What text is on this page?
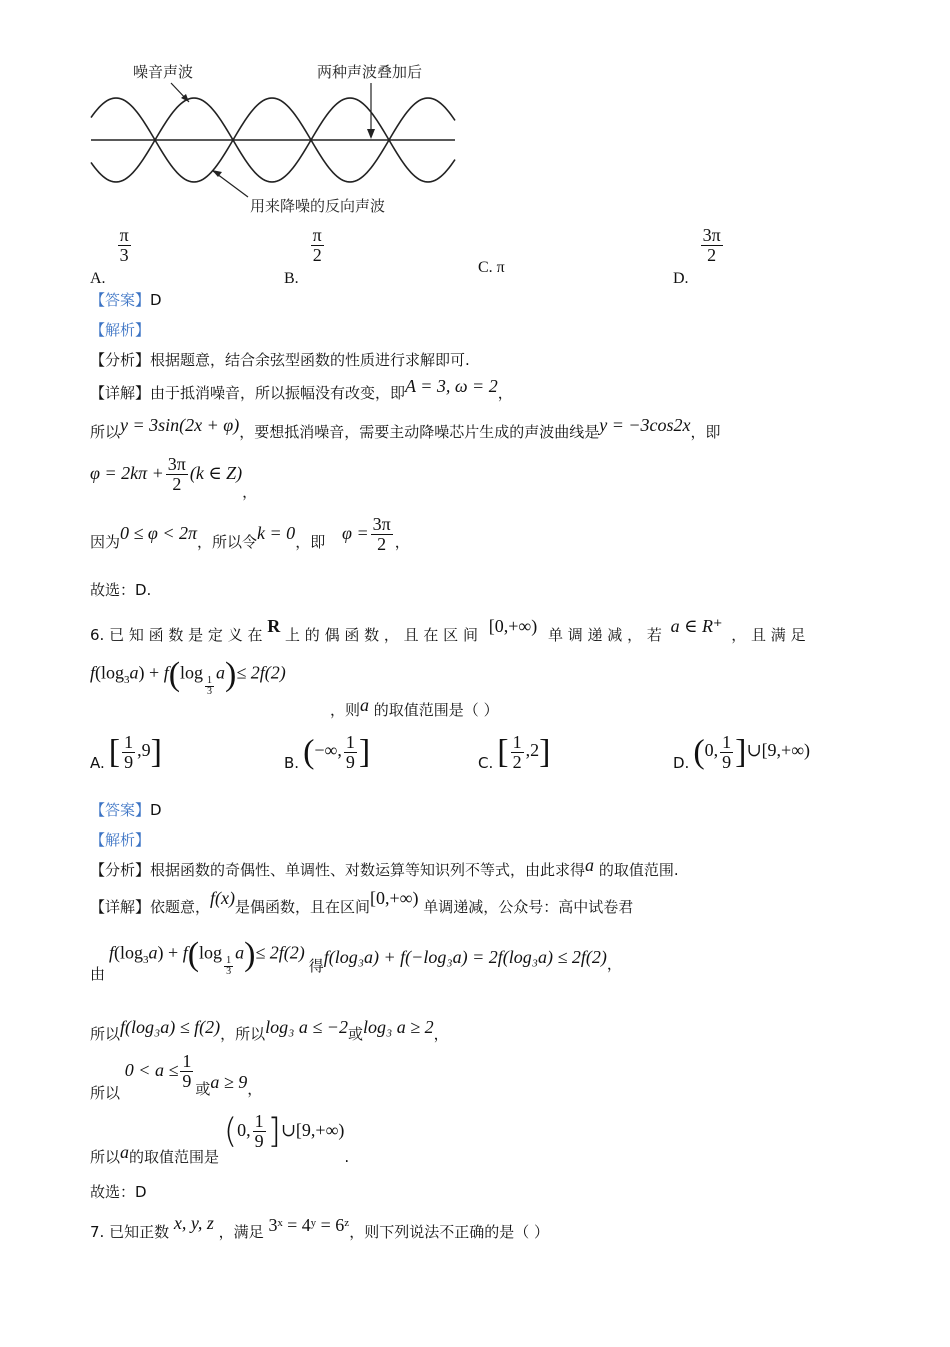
噪音声波	两种声波叠加后
用来降噪的反向声波
A.
$\frac{\pi}{3}$
B.
$\frac{\pi}{2}$
C. π
D.
$\frac{3\pi}{2}$
【答案】D
【解析】
【分析】根据题意，结合余弦型函数的性质进行求解即可.
【详解】由于抵消噪音，所以振幅没有改变，即A = 3, ω = 2，
所以y = 3sin(2x + φ)，要想抵消噪音，需要主动降噪芯片生成的声波曲线是y = −3cos2x，即
$\varphi = 2k\pi + \frac{3\pi}{2} (k$ ∈ Z)，
因为0 ≤ φ < 2π，所以令k = 0，即 $\varphi = \frac{3\pi}{2}$ ，
故选：D.
6. 已 知 函 数 是 定 义 在 R 上 的 偶 函 数 ， 且 在 区 间 [0,+∞) 单 调 递 减 ， 若 a ∈ R⁺ ， 且 满 足
$f(\log_3a) + f(\log$
$\frac{1}{3}$
a)≤ 2f(2)
，则a 的取值范围是（ ）
A. [ $\frac{1}{9} ,9$]	B. (−∞, $\frac{1}{9}$ ]	C. [ $\frac{1}{2} ,2$]	D. (0, $\frac{1}{9}$ ]∪[9,+∞)
【答案】D
【解析】
【分析】根据函数的奇偶性、单调性、对数运算等知识列不等式，由此求得a 的取值范围.
【详解】依题意，f(x)是偶函数，且在区间[0,+∞) 单调递减，公众号：高中试卷君
由 $f(\log_3a) + f(\log$
$\frac{1}{3}$
a)≤ 2f(2) 得f(log₃a) + f(−log₃a) = 2f(log₃a) ≤ 2f(2)，
所以f(log₃a) ≤ f(2)，所以log₃ a ≤ −2或log₃ a ≥ 2，
所以 $0 < a \le \frac{1}{9}$ 或a ≥ 9，
所以a的取值范围是 (0, $\frac{1}{9}$ ]∪[9,+∞).
故选：D
7. 已知正数 x, y, z ，满足 3ˣ = 4ʸ = 6ᶻ，则下列说法不正确的是（ ）
